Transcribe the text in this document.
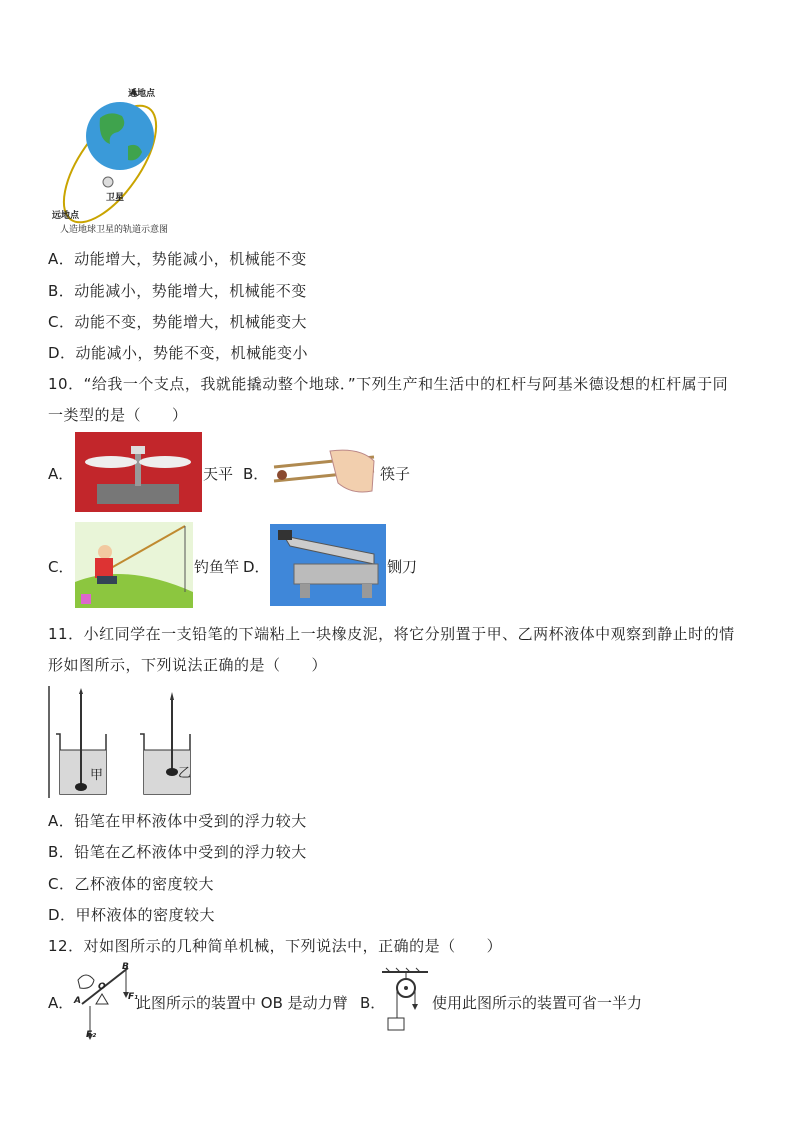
近地点
卫星
远地点
人造地球卫星的轨道示意图
A．动能增大，势能减小，机械能不变
B．动能减小，势能增大，机械能不变
C．动能不变，势能增大，机械能变大
D．动能减小，势能不变，机械能变小
10．“给我一个支点，我就能撬动整个地球．”下列生产和生活中的杠杆与阿基米德设想的杠杆属于同
一类型的是（　　）
A．	天平 B．	筷子
C．	钓鱼竿 D．	铡刀
11．小红同学在一支铅笔的下端粘上一块橡皮泥，将它分别置于甲、乙两杯液体中观察到静止时的情
形如图所示，下列说法正确的是（　　）
甲	乙
A．铅笔在甲杯液体中受到的浮力较大
B．铅笔在乙杯液体中受到的浮力较大
C．乙杯液体的密度较大
D．甲杯液体的密度较大
12．对如图所示的几种简单机械，下列说法中，正确的是（　　）
A． A
O
B
F₁
F₂
此图所示的装置中 OB 是动力臂 B．	使用此图所示的装置可省一半力
